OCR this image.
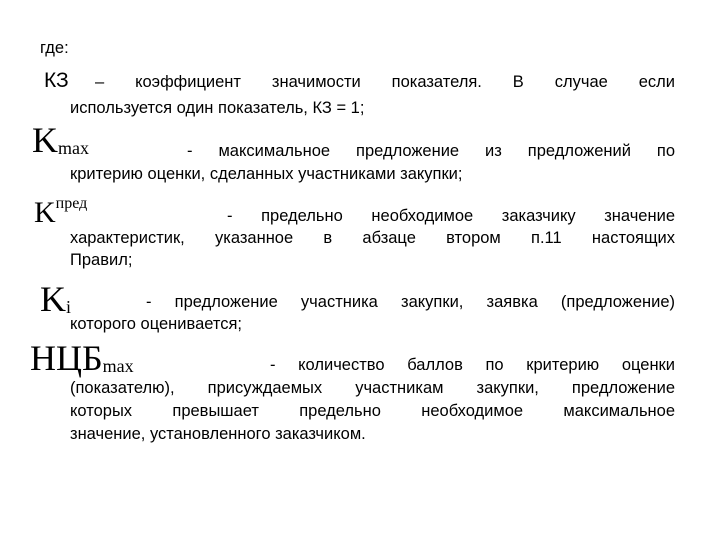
где:
КЗ – коэффициент значимости показателя. В случае если
используется один показатель, КЗ = 1;
Kmax	- максимальное предложение из предложений по
критерию оценки, сделанных участниками закупки;
$K^{пред}$
- предельно необходимое заказчику значение
характеристик, указанное в абзаце втором п.11 настоящих
Правил;
Ki	- предложение участника закупки, заявка (предложение)
которого оценивается;
НЦБmax	- количество баллов по критерию оценки
(показателю), присуждаемых участникам закупки, предложение
которых превышает предельно необходимое максимальное
значение, установленного заказчиком.
